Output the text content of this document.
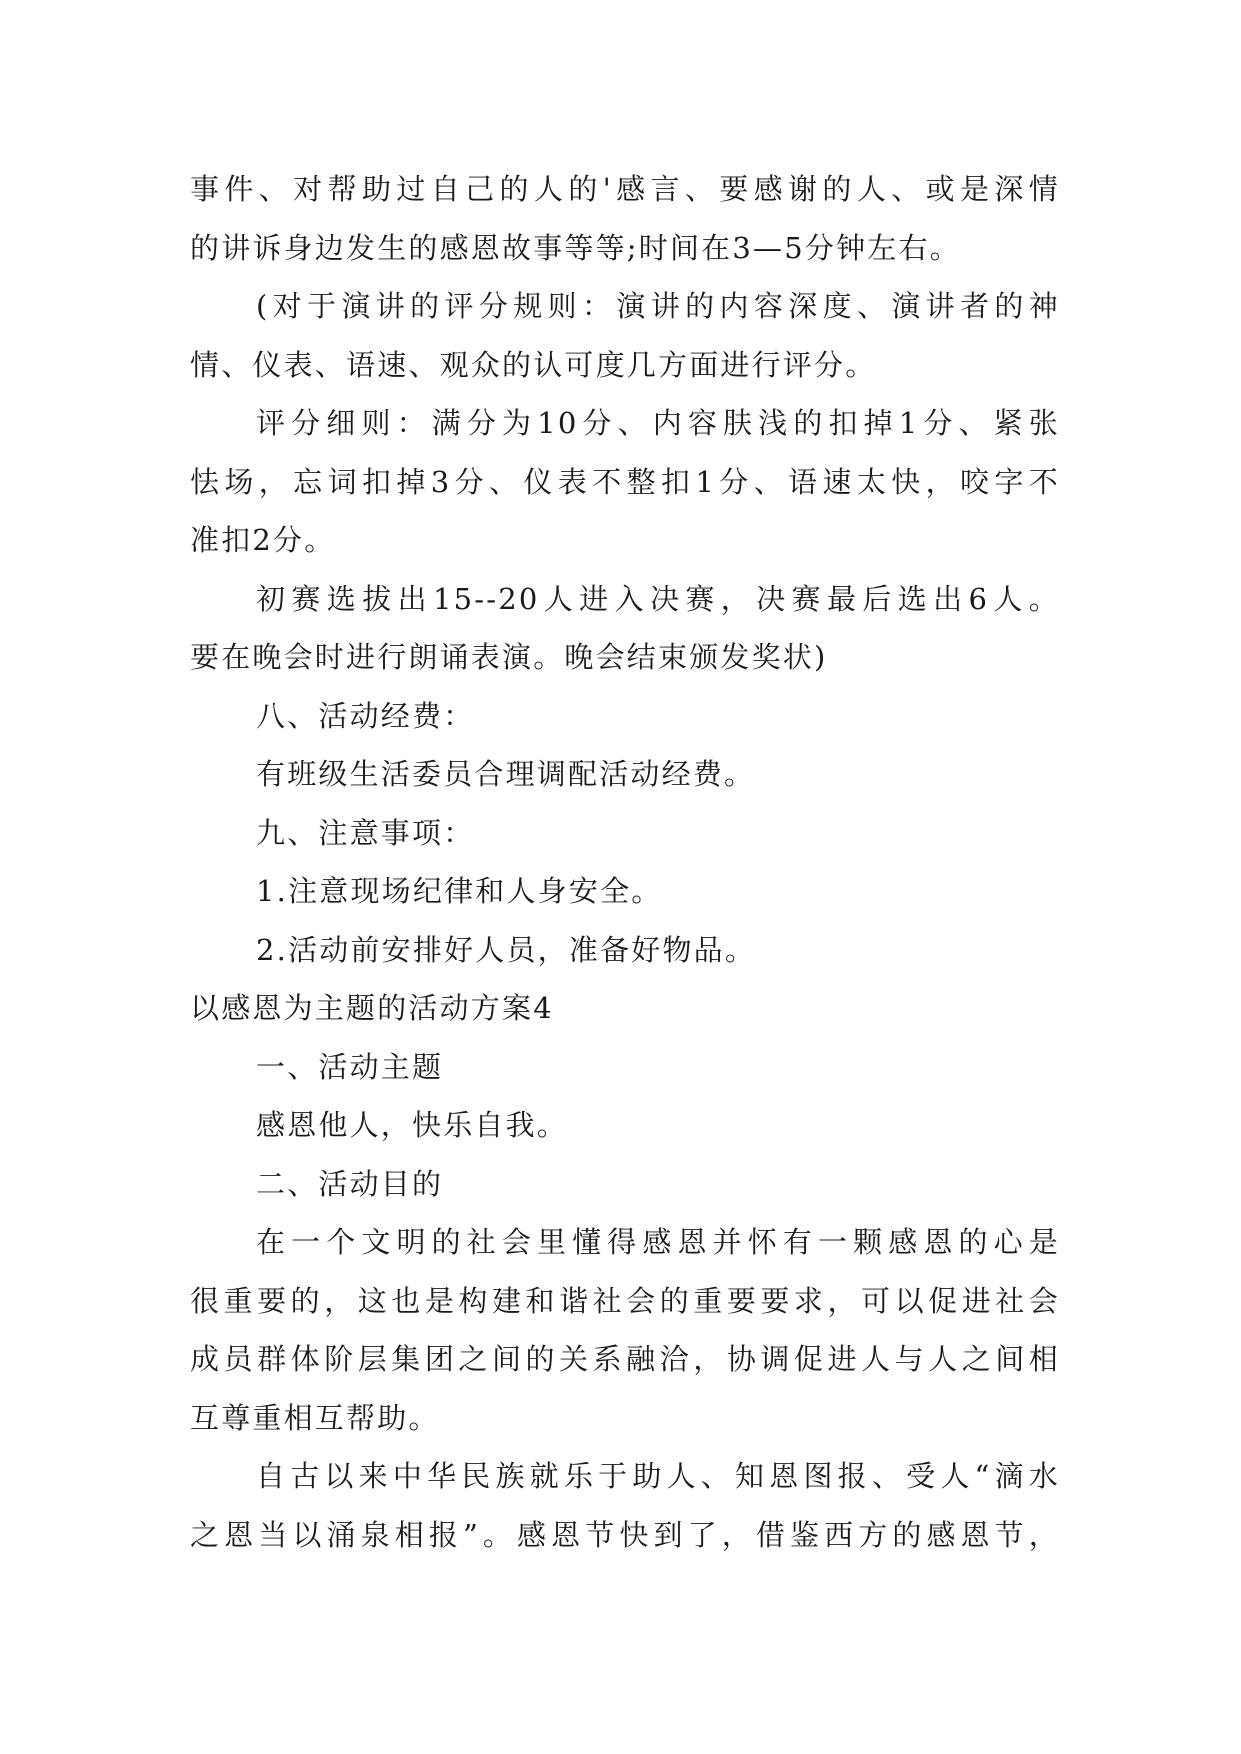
事件、对帮助过自己的人的'感言、要感谢的人、或是深情
的讲诉身边发生的感恩故事等等;时间在3—5分钟左右。
(对于演讲的评分规则：演讲的内容深度、演讲者的神
情、仪表、语速、观众的认可度几方面进行评分。
评分细则：满分为10分、内容肤浅的扣掉1分、紧张
怯场，忘词扣掉3分、仪表不整扣1分、语速太快，咬字不
准扣2分。
初赛选拔出15--20人进入决赛，决赛最后选出6人。
要在晚会时进行朗诵表演。晚会结束颁发奖状)
八、活动经费：
有班级生活委员合理调配活动经费。
九、注意事项：
1.注意现场纪律和人身安全。
2.活动前安排好人员，准备好物品。
以感恩为主题的活动方案4
一、活动主题
感恩他人，快乐自我。
二、活动目的
在一个文明的社会里懂得感恩并怀有一颗感恩的心是
很重要的，这也是构建和谐社会的重要要求，可以促进社会
成员群体阶层集团之间的关系融洽，协调促进人与人之间相
互尊重相互帮助。
自古以来中华民族就乐于助人、知恩图报、受人“滴水
之恩当以涌泉相报”。感恩节快到了，借鉴西方的感恩节，
